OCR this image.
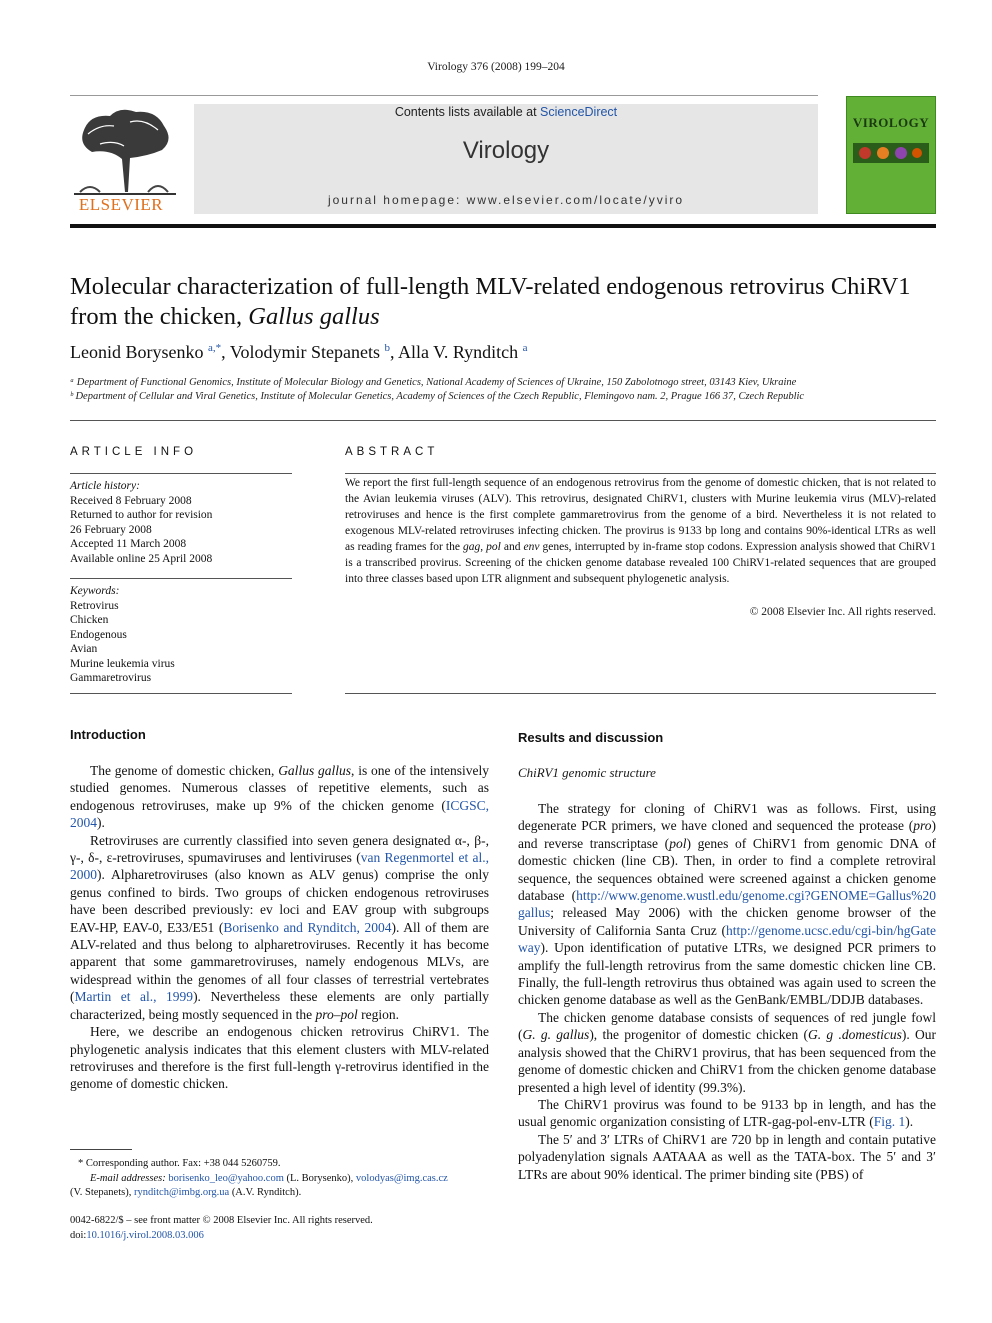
Virology 376 (2008) 199–204
ELSEVIER
Contents lists available at ScienceDirect
Virology
journal homepage: www.elsevier.com/locate/yviro
VIROLOGY
Molecular characterization of full-length MLV-related endogenous retrovirus ChiRV1
from the chicken, Gallus gallus
Leonid Borysenko $^{a,*}$, Volodymir Stepanets $^b$, Alla V. Rynditch $^a$
ᵃ Department of Functional Genomics, Institute of Molecular Biology and Genetics, National Academy of Sciences of Ukraine, 150 Zabolotnogo street, 03143 Kiev, Ukraine
ᵇ Department of Cellular and Viral Genetics, Institute of Molecular Genetics, Academy of Sciences of the Czech Republic, Flemingovo nam. 2, Prague 166 37, Czech Republic
ARTICLE INFO
Article history:
Received 8 February 2008
Returned to author for revision
26 February 2008
Accepted 11 March 2008
Available online 25 April 2008
Keywords:
Retrovirus
Chicken
Endogenous
Avian
Murine leukemia virus
Gammaretrovirus
ABSTRACT
We report the first full-length sequence of an endogenous retrovirus from the genome of domestic chicken, that is not related to the Avian leukemia viruses (ALV). This retrovirus, designated ChiRV1, clusters with Murine leukemia virus (MLV)-related retroviruses and hence is the first complete gammaretrovirus from the genome of a bird. Nevertheless it is not related to exogenous MLV-related retroviruses infecting chicken. The provirus is 9133 bp long and contains 90%-identical LTRs as well as reading frames for the gag, pol and env genes, interrupted by in-frame stop codons. Expression analysis showed that ChiRV1 is a transcribed provirus. Screening of the chicken genome database revealed 100 ChiRV1-related sequences that are grouped into three classes based upon LTR alignment and subsequent phylogenetic analysis.
© 2008 Elsevier Inc. All rights reserved.
Introduction

The genome of domestic chicken, Gallus gallus, is one of the intensively studied genomes. Numerous classes of repetitive elements, such as endogenous retroviruses, make up 9% of the chicken genome (ICGSC, 2004).

Retroviruses are currently classified into seven genera designated α-, β-, γ-, δ-, ε-retroviruses, spumaviruses and lentiviruses (van Regenmortel et al., 2000). Alpharetroviruses (also known as ALV genus) comprise the only genus confined to birds. Two groups of chicken endogenous retroviruses have been described previously: ev loci and EAV group with subgroups EAV-HP, EAV-0, E33/E51 (Borisenko and Rynditch, 2004). All of them are ALV-related and thus belong to alpharetroviruses. Recently it has become apparent that some gammaretroviruses, namely endogenous MLVs, are widespread within the genomes of all four classes of terrestrial vertebrates (Martin et al., 1999). Nevertheless these elements are only partially characterized, being mostly sequenced in the pro–pol region.

Here, we describe an endogenous chicken retrovirus ChiRV1. The phylogenetic analysis indicates that this element clusters with MLV-related retroviruses and therefore is the first full-length γ-retrovirus identified in the genome of domestic chicken.

* Corresponding author. Fax: +38 044 5260759.
E-mail addresses: borisenko_leo@yahoo.com (L. Borysenko), volodyas@img.cas.cz
(V. Stepanets), rynditch@imbg.org.ua (A.V. Rynditch).
0042-6822/$ – see front matter © 2008 Elsevier Inc. All rights reserved.
doi:10.1016/j.virol.2008.03.006
Results and discussion
ChiRV1 genomic structure

The strategy for cloning of ChiRV1 was as follows. First, using degenerate PCR primers, we have cloned and sequenced the protease (pro) and reverse transcriptase (pol) genes of ChiRV1 from genomic DNA of domestic chicken (line CB). Then, in order to find a complete retroviral sequence, the sequences obtained were screened against a chicken genome database (http://www.genome.wustl.edu/genome.cgi?GENOME=Gallus%20gallus; released May 2006) with the chicken genome browser of the University of California Santa Cruz (http://genome.ucsc.edu/cgi-bin/hgGateway). Upon identification of putative LTRs, we designed PCR primers to amplify the full-length retrovirus from the same domestic chicken line CB. Finally, the full-length retrovirus thus obtained was again used to screen the chicken genome database as well as the GenBank/EMBL/DDJB databases.

The chicken genome database consists of sequences of red jungle fowl (G. g. gallus), the progenitor of domestic chicken (G. g .domesticus). Our analysis showed that the ChiRV1 provirus, that has been sequenced from the genome of domestic chicken and ChiRV1 from the chicken genome database presented a high level of identity (99.3%).

The ChiRV1 provirus was found to be 9133 bp in length, and has the usual genomic organization consisting of LTR-gag-pol-env-LTR (Fig. 1).

The 5′ and 3′ LTRs of ChiRV1 are 720 bp in length and contain putative polyadenylation signals AATAAA as well as the TATA-box. The 5′ and 3′ LTRs are about 90% identical. The primer binding site (PBS) of
